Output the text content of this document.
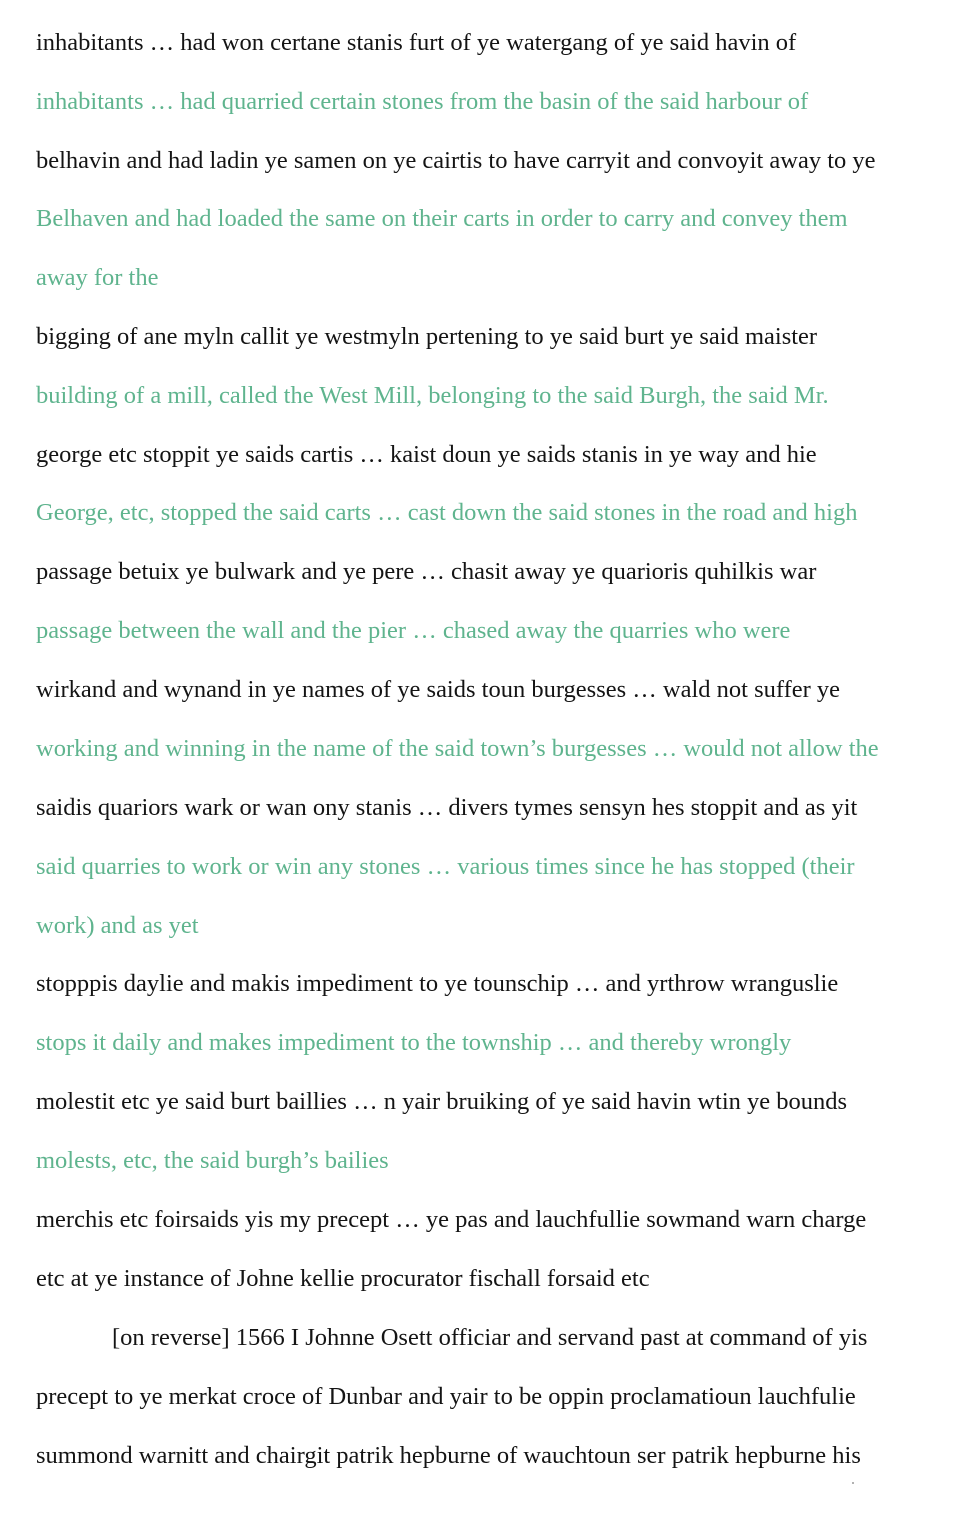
inhabitants … had won certane stanis furt of ye watergang of ye said havin of
inhabitants … had quarried certain stones from the basin of the said harbour of
belhavin and had ladin ye samen on ye cairtis to have carryit and convoyit away to ye
Belhaven and had loaded the same on their carts in order to carry and convey them
away for the
bigging of ane myln callit ye westmyln pertening to ye said burt ye said maister
building of a mill, called the West Mill, belonging to the said Burgh, the said Mr.
george etc stoppit ye saids cartis … kaist doun ye saids stanis in ye way and hie
George, etc, stopped the said carts … cast down the said stones in the road and high
passage betuix ye bulwark and ye pere … chasit away ye quarioris quhilkis war
passage between the wall and the pier … chased away the quarries who were
wirkand and wynand in ye names of ye saids toun burgesses … wald not suffer ye
working and winning in the name of the said town’s burgesses … would not allow the
saidis quariors wark or wan ony stanis … divers tymes sensyn hes stoppit and as yit
said quarries to work or win any stones … various times since he has stopped (their
work) and as yet
stopppis daylie and makis impediment to ye tounschip … and yrthrow wranguslie
stops it daily and makes impediment to the township … and thereby wrongly
molestit etc ye said burt baillies … n yair bruiking of ye said havin wtin ye bounds
molests, etc, the said burgh’s bailies
merchis etc foirsaids yis my precept … ye pas and lauchfullie sowmand warn charge
etc at ye instance of Johne kellie procurator fischall forsaid etc
[on reverse] 1566 I Johnne Osett officiar and servand past at command of yis
precept to ye merkat croce of Dunbar and yair to be oppin proclamatioun lauchfulie
summond warnitt and chairgit patrik hepburne of wauchtoun ser patrik hepburne his
